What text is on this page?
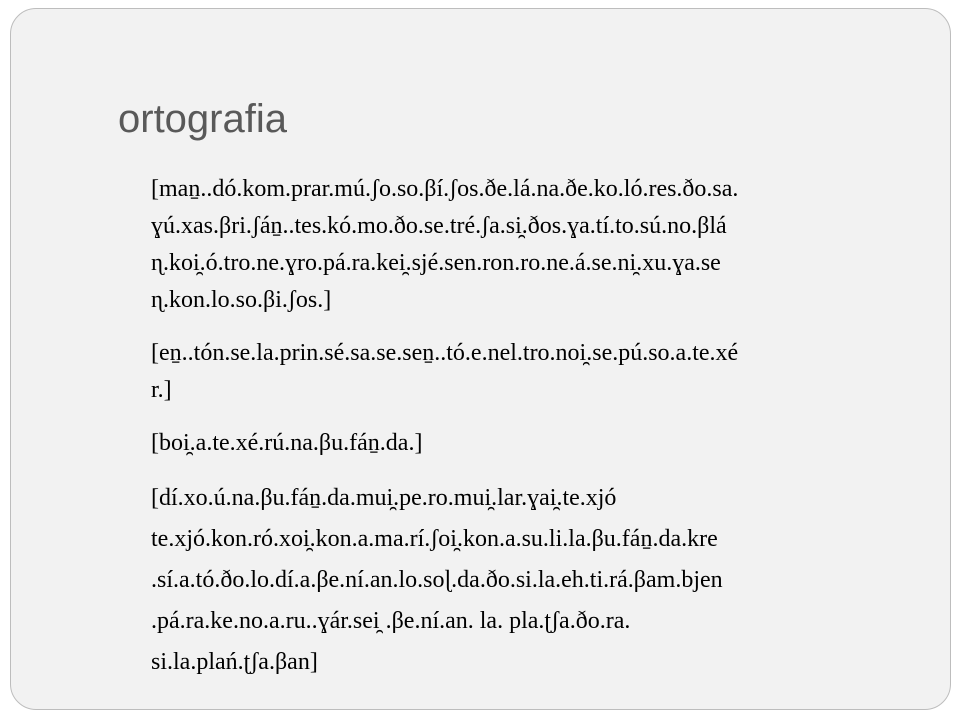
ortografia
[maṉ..dó.kom.prar.mú.ʃo.so.βí.ʃos.ðe.lá.na.ðe.ko.ló.res.ðo.sa.
ɣú.xas.βri.ʃáṉ..tes.kó.mo.ðo.se.tré.ʃa.si̯.ðos.ɣa.tí.to.sú.no.βlá
ɳ.koi̯.ó.tro.ne.ɣro.pá.ra.kei̯.sjé.sen.ron.ro.ne.á.se.ni̯.xu.ɣa.se
ɳ.kon.lo.so.βi.ʃos.]
[eṉ..tón.se.la.prin.sé.sa.se.seṉ..tó.e.nel.tro.noi̯.se.pú.so.a.te.xé
r.]
[boi̯.a.te.xé.rú.na.βu.fáṉ.da.]
[dí.xo.ú.na.βu.fáṉ.da.mui̯.pe.ro.mui̯.lar.ɣai̯.te.xjó
te.xjó.kon.ró.xoi̯.kon.a.ma.rí.ʃoi̯.kon.a.su.li.la.βu.fáṉ.da.kre
.sí.a.tó.ðo.lo.dí.a.βe.ní.an.lo.soɭ.da.ðo.si.la.eh.ti.rá.βam.bjen
.pá.ra.ke.no.a.ru..ɣár.sei̯ .βe.ní.an. la. pla.ʈʃa.ðo.ra.
si.la.plań.ʈʃa.βan]
